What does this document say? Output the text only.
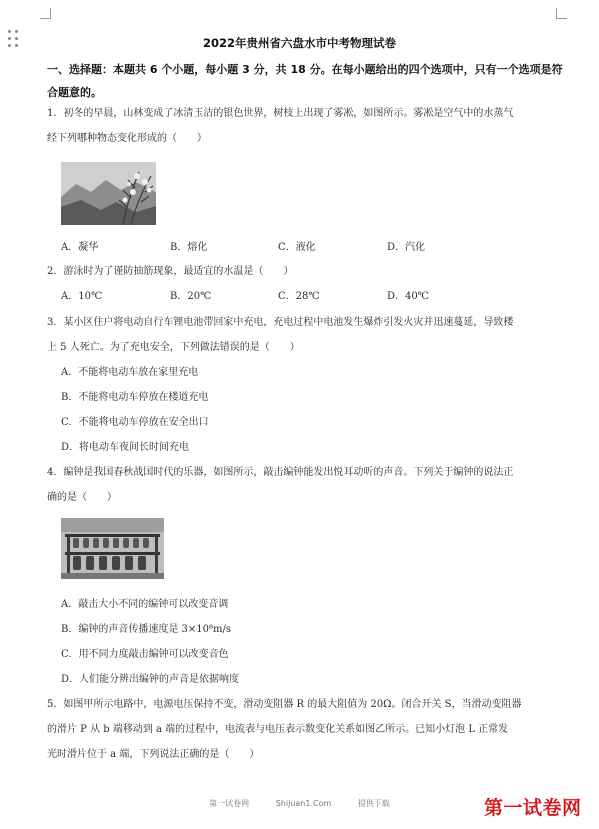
2022年贵州省六盘水市中考物理试卷
一、选择题：本题共 6 个小题，每小题 3 分，共 18 分。在每小题给出的四个选项中，只有一个选项是符合题意的。
1．初冬的早晨，山林变成了冰清玉洁的银色世界，树枝上出现了雾凇，如图所示。雾凇是空气中的水蒸气
经下列哪种物态变化形成的（　　）
A．凝华	B．熔化	C．液化	D．汽化
2．游泳时为了谨防抽筋现象，最适宜的水温是（　　）
A．10℃	B．20℃	C．28℃	D．40℃
3．某小区住户将电动自行车锂电池带回家中充电，充电过程中电池发生爆炸引发火灾并迅速蔓延，导致楼
上 5 人死亡。为了充电安全，下列做法错误的是（　　）
A．不能将电动车放在家里充电
B．不能将电动车停放在楼道充电
C．不能将电动车停放在安全出口
D．将电动车夜间长时间充电
4．编钟是我国春秋战国时代的乐器，如图所示，敲击编钟能发出悦耳动听的声音。下列关于编钟的说法正
确的是（　　）
A．敲击大小不同的编钟可以改变音调
B．编钟的声音传播速度是 3×10⁸m/s
C．用不同力度敲击编钟可以改变音色
D．人们能分辨出编钟的声音是依据响度
5．如图甲所示电路中，电源电压保持不变，滑动变阻器 R 的最大阻值为 20Ω。闭合开关 S，当滑动变阻器
的滑片 P 从 b 端移动到 a 端的过程中，电流表与电压表示数变化关系如图乙所示。已知小灯泡 L 正常发
光时滑片位于 a 端，下列说法正确的是（　　）
第一试卷网	Shijuan1.Com	提供下载	第一试卷网
